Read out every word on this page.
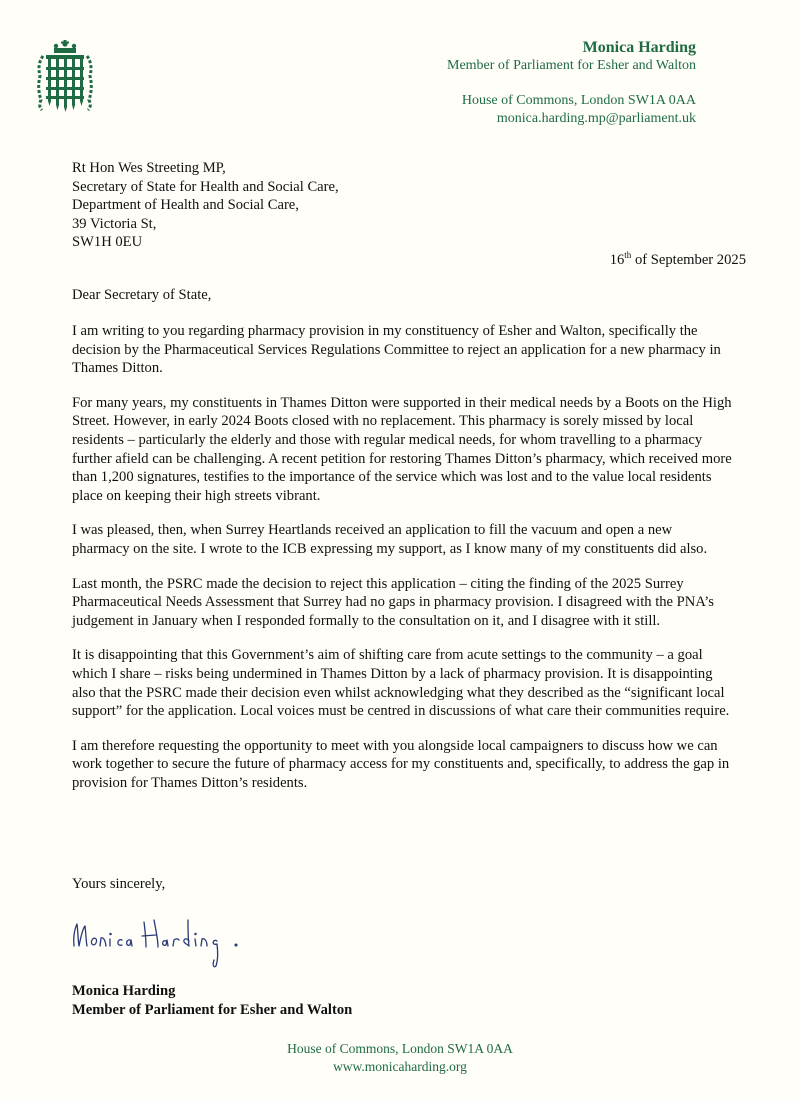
Monica Harding
Member of Parliament for Esher and Walton
House of Commons, London SW1A 0AA
monica.harding.mp@parliament.uk
Rt Hon Wes Streeting MP,
Secretary of State for Health and Social Care,
Department of Health and Social Care,
39 Victoria St,
SW1H 0EU
16th of September 2025
Dear Secretary of State,

I am writing to you regarding pharmacy provision in my constituency of Esher and Walton, specifically the decision by the Pharmaceutical Services Regulations Committee to reject an application for a new pharmacy in Thames Ditton.

For many years, my constituents in Thames Ditton were supported in their medical needs by a Boots on the High Street. However, in early 2024 Boots closed with no replacement. This pharmacy is sorely missed by local residents – particularly the elderly and those with regular medical needs, for whom travelling to a pharmacy further afield can be challenging. A recent petition for restoring Thames Ditton’s pharmacy, which received more than 1,200 signatures, testifies to the importance of the service which was lost and to the value local residents place on keeping their high streets vibrant.

I was pleased, then, when Surrey Heartlands received an application to fill the vacuum and open a new pharmacy on the site. I wrote to the ICB expressing my support, as I know many of my constituents did also.

Last month, the PSRC made the decision to reject this application – citing the finding of the 2025 Surrey Pharmaceutical Needs Assessment that Surrey had no gaps in pharmacy provision. I disagreed with the PNA’s judgement in January when I responded formally to the consultation on it, and I disagree with it still.

It is disappointing that this Government’s aim of shifting care from acute settings to the community – a goal which I share – risks being undermined in Thames Ditton by a lack of pharmacy provision. It is disappointing also that the PSRC made their decision even whilst acknowledging what they described as the “significant local support” for the application. Local voices must be centred in discussions of what care their communities require.

I am therefore requesting the opportunity to meet with you alongside local campaigners to discuss how we can work together to secure the future of pharmacy access for my constituents and, specifically, to address the gap in provision for Thames Ditton’s residents.

Yours sincerely,
Monica Harding
Member of Parliament for Esher and Walton
House of Commons, London SW1A 0AA
www.monicaharding.org
